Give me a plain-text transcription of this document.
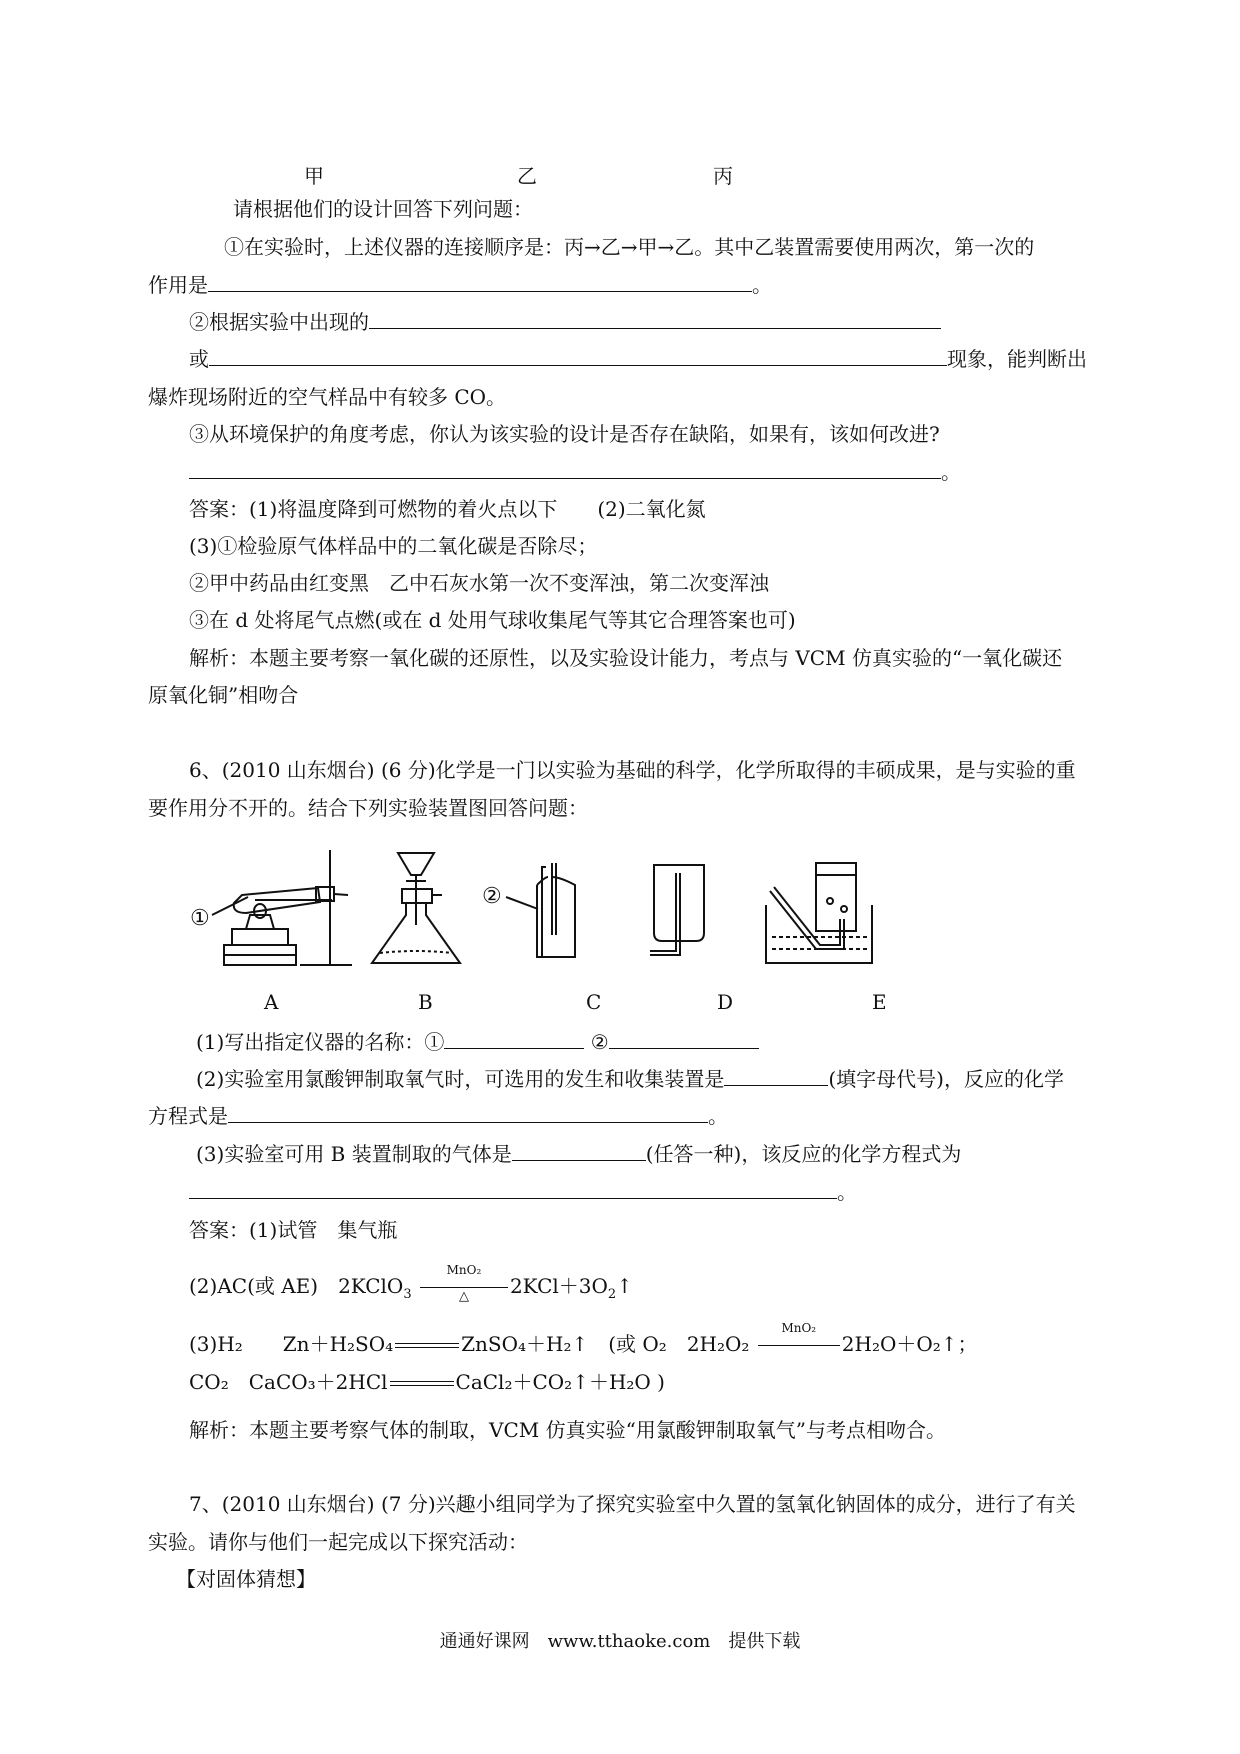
甲	乙	丙
请根据他们的设计回答下列问题：
①在实验时，上述仪器的连接顺序是：丙→乙→甲→乙。其中乙装置需要使用两次，第一次的
作用是	。
②根据实验中出现的
或	现象，能判断出
爆炸现场附近的空气样品中有较多 CO。
③从环境保护的角度考虑，你认为该实验的设计是否存在缺陷，如果有，该如何改进?
。
答案：(1)将温度降到可燃物的着火点以下　　(2)二氧化氮
(3)①检验原气体样品中的二氧化碳是否除尽；
②甲中药品由红变黑　乙中石灰水第一次不变浑浊，第二次变浑浊
③在 d 处将尾气点燃(或在 d 处用气球收集尾气等其它合理答案也可)
解析：本题主要考察一氧化碳的还原性，以及实验设计能力，考点与 VCM 仿真实验的“一氧化碳还
原氧化铜”相吻合
6、(2010 山东烟台) (6 分)化学是一门以实验为基础的科学，化学所取得的丰硕成果，是与实验的重
要作用分不开的。结合下列实验装置图回答问题：
①
②
A	B	C	D	E
(1)写出指定仪器的名称：①	②
(2)实验室用氯酸钾制取氧气时，可选用的发生和收集装置是	(填字母代号)，反应的化学
方程式是	。
(3)实验室可用 B 装置制取的气体是	(任答一种)，该反应的化学方程式为
。
答案：(1)试管　集气瓶
(2)AC(或 AE)　2KClO$_3$ $\frac{\text{MnO₂}}{\triangle}$ $2KCl+3O_2↑$
(3)H₂　　Zn＋H₂SO₄	ZnSO₄＋H₂↑　(或 O₂　2H₂O₂
MnO₂
2H₂O＋O₂↑；
CO₂　CaCO₃＋2HCl	CaCl₂＋CO₂↑＋H₂O )
解析：本题主要考察气体的制取，VCM 仿真实验“用氯酸钾制取氧气”与考点相吻合。
7、(2010 山东烟台) (7 分)兴趣小组同学为了探究实验室中久置的氢氧化钠固体的成分，进行了有关
实验。请你与他们一起完成以下探究活动：
【对固体猜想】
通通好课网　www.tthaoke.com　提供下载
